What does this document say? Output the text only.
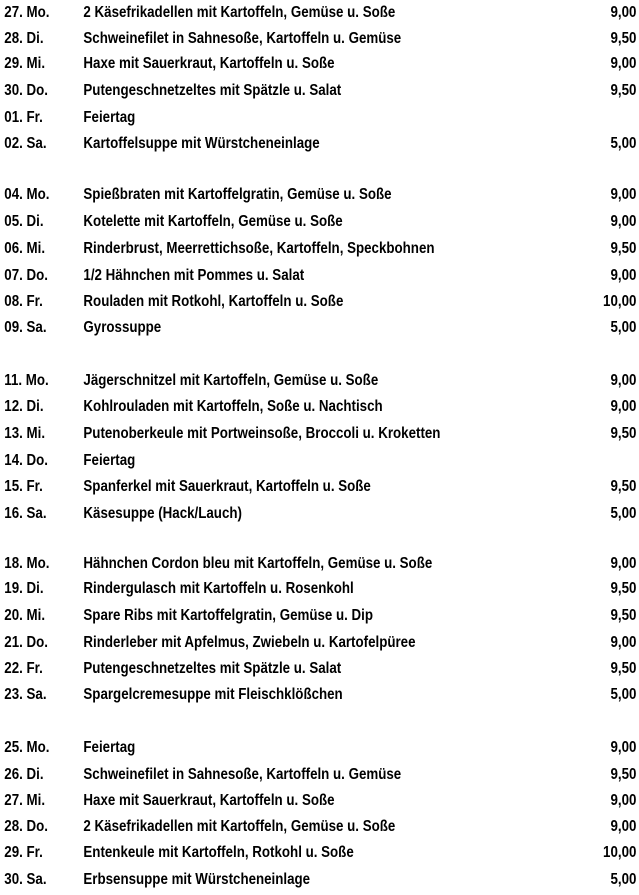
27. Mo. 2 Käsefrikadellen mit Kartoffeln, Gemüse u. Soße	9,00
28. Di.	Schweinefilet in Sahnesoße, Kartoffeln u. Gemüse	9,50
29. Mi. Haxe mit Sauerkraut, Kartoffeln u. Soße	9,00
30. Do. Putengeschnetzeltes mit Spätzle u. Salat	9,50
01. Fr.	Feiertag
02. Sa. Kartoffelsuppe mit Würstcheneinlage	5,00
04. Mo. Spießbraten mit Kartoffelgratin, Gemüse u. Soße	9,00
05. Di.	Kotelette mit Kartoffeln, Gemüse u. Soße	9,00
06. Mi. Rinderbrust, Meerrettichsoße, Kartoffeln, Speckbohnen	9,50
07. Do. 1/2 Hähnchen mit Pommes u. Salat	9,00
08. Fr.	Rouladen mit Rotkohl, Kartoffeln u. Soße	10,00
09. Sa. Gyrossuppe	5,00
11. Mo. Jägerschnitzel mit Kartoffeln, Gemüse u. Soße	9,00
12. Di.	Kohlrouladen mit Kartoffeln, Soße u. Nachtisch	9,00
13. Mi. Putenoberkeule mit Portweinsoße, Broccoli u. Kroketten	9,50
14. Do. Feiertag
15. Fr.	Spanferkel mit Sauerkraut, Kartoffeln u. Soße	9,50
16. Sa. Käsesuppe (Hack/Lauch)	5,00
18. Mo. Hähnchen Cordon bleu mit Kartoffeln, Gemüse u. Soße	9,00
19. Di.	Rindergulasch mit Kartoffeln u. Rosenkohl	9,50
20. Mi. Spare Ribs mit Kartoffelgratin, Gemüse u. Dip	9,50
21. Do. Rinderleber mit Apfelmus, Zwiebeln u. Kartofelpüree	9,00
22. Fr.	Putengeschnetzeltes mit Spätzle u. Salat	9,50
23. Sa. Spargelcremesuppe mit Fleischklößchen	5,00
25. Mo. Feiertag	9,00
26. Di.	Schweinefilet in Sahnesoße, Kartoffeln u. Gemüse	9,50
27. Mi. Haxe mit Sauerkraut, Kartoffeln u. Soße	9,00
28. Do. 2 Käsefrikadellen mit Kartoffeln, Gemüse u. Soße	9,00
29. Fr.	Entenkeule mit Kartoffeln, Rotkohl u. Soße	10,00
30. Sa. Erbsensuppe mit Würstcheneinlage	5,00
